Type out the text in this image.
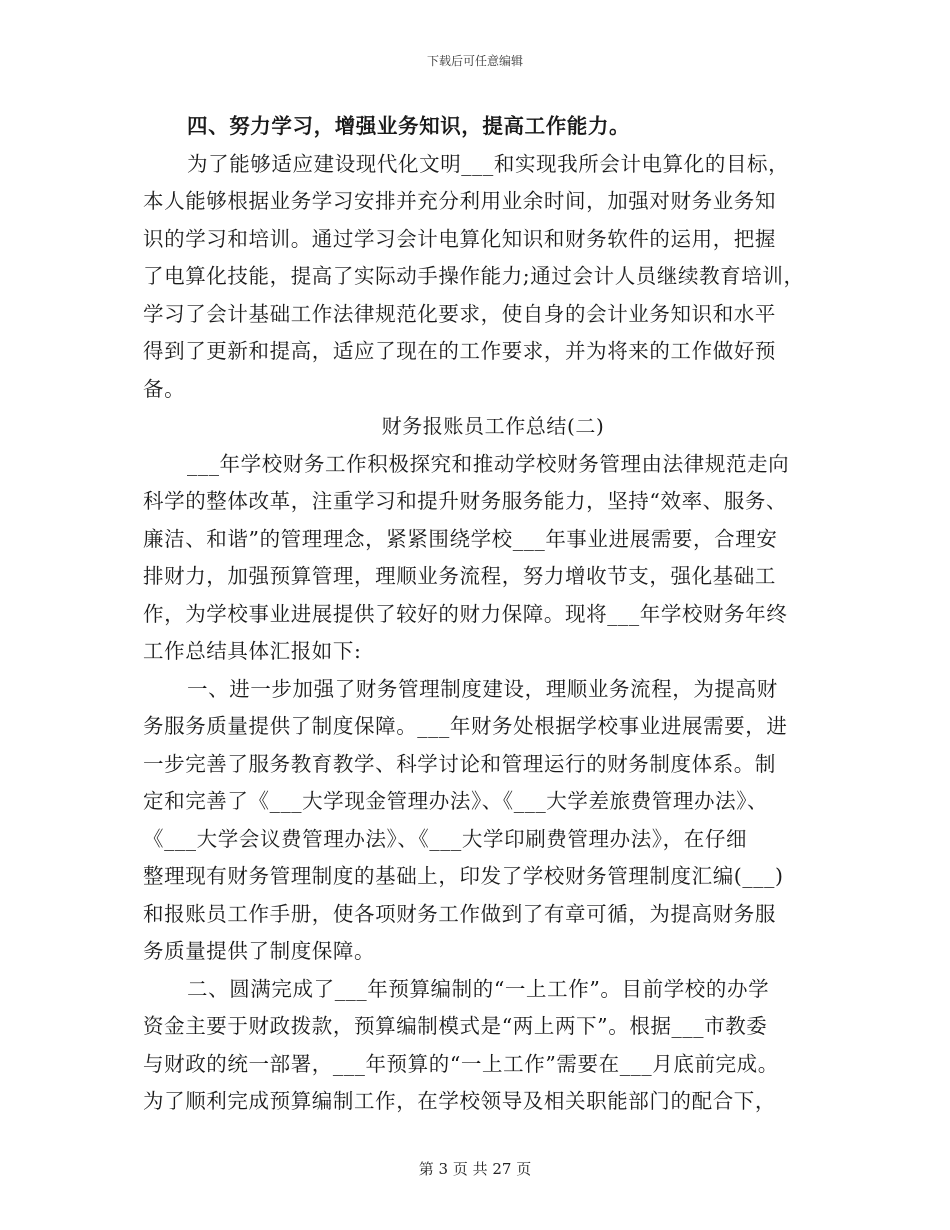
下载后可任意编辑
四、努力学习，增强业务知识，提高工作能力。
为了能够适应建设现代化文明___和实现我所会计电算化的目标，
本人能够根据业务学习安排并充分利用业余时间，加强对财务业务知
识的学习和培训。通过学习会计电算化知识和财务软件的运用，把握
了电算化技能，提高了实际动手操作能力;通过会计人员继续教育培训，
学习了会计基础工作法律规范化要求，使自身的会计业务知识和水平
得到了更新和提高，适应了现在的工作要求，并为将来的工作做好预
备。
财务报账员工作总结(二)
___年学校财务工作积极探究和推动学校财务管理由法律规范走向
科学的整体改革，注重学习和提升财务服务能力，坚持“效率、服务、
廉洁、和谐”的管理理念，紧紧围绕学校___年事业进展需要，合理安
排财力，加强预算管理，理顺业务流程，努力增收节支，强化基础工
作，为学校事业进展提供了较好的财力保障。现将___年学校财务年终
工作总结具体汇报如下:
一、进一步加强了财务管理制度建设，理顺业务流程，为提高财
务服务质量提供了制度保障。___年财务处根据学校事业进展需要，进
一步完善了服务教育教学、科学讨论和管理运行的财务制度体系。制
定和完善了《___大学现金管理办法》、《___大学差旅费管理办法》、
《___大学会议费管理办法》、《___大学印刷费管理办法》，在仔细
整理现有财务管理制度的基础上，印发了学校财务管理制度汇编(___)
和报账员工作手册，使各项财务工作做到了有章可循，为提高财务服
务质量提供了制度保障。
二、圆满完成了___年预算编制的“一上工作”。目前学校的办学
资金主要于财政拨款，预算编制模式是“两上两下”。根据___市教委
与财政的统一部署，___年预算的“一上工作”需要在___月底前完成。
为了顺利完成预算编制工作，在学校领导及相关职能部门的配合下，
第 3 页 共 27 页
